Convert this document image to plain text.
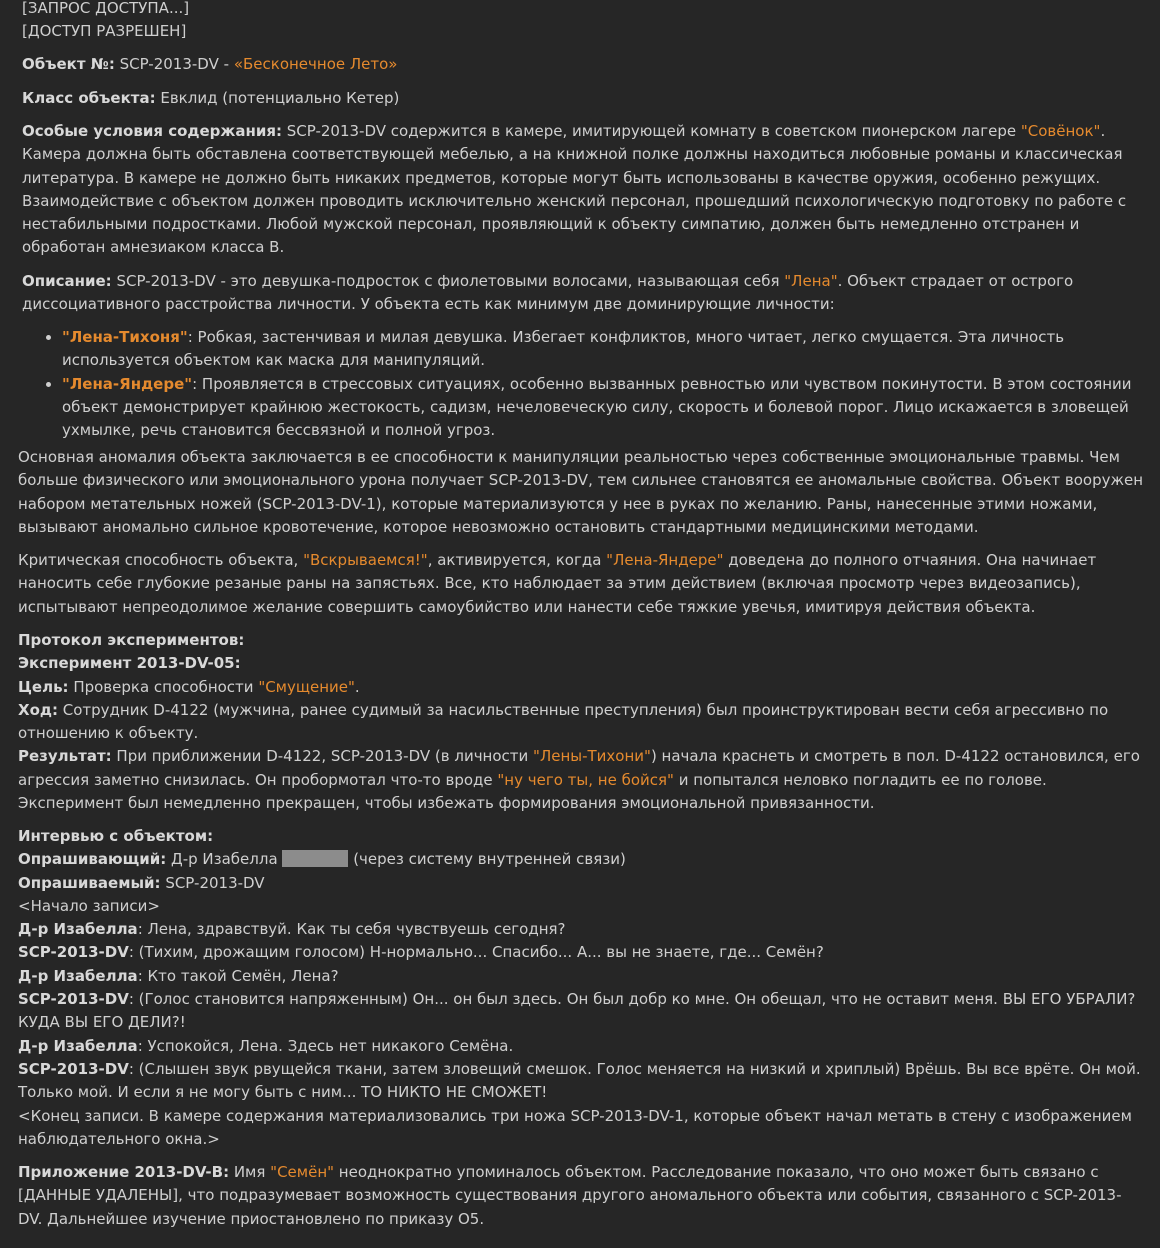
[ЗАПРОС ДОСТУПА...]
[ДОСТУП РАЗРЕШЕН]

Объект №: SCP-2013-DV - «Бесконечное Лето»

Класс объекта: Евклид (потенциально Кетер)

Особые условия содержания: SCP-2013-DV содержится в камере, имитирующей комнату в советском пионерском лагере "Совёнок". Камера должна быть обставлена соответствующей мебелью, а на книжной полке должны находиться любовные романы и классическая литература. В камере не должно быть никаких предметов, которые могут быть использованы в качестве оружия, особенно режущих. Взаимодействие с объектом должен проводить исключительно женский персонал, прошедший психологическую подготовку по работе с нестабильными подростками. Любой мужской персонал, проявляющий к объекту симпатию, должен быть немедленно отстранен и обработан амнезиаком класса B.

Описание: SCP-2013-DV - это девушка-подросток с фиолетовыми волосами, называющая себя "Лена". Объект страдает от острого диссоциативного расстройства личности. У объекта есть как минимум две доминирующие личности:

• "Лена-Тихоня": Робкая, застенчивая и милая девушка. Избегает конфликтов, много читает, легко смущается. Эта личность используется объектом как маска для манипуляций.
• "Лена-Яндере": Проявляется в стрессовых ситуациях, особенно вызванных ревностью или чувством покинутости. В этом состоянии объект демонстрирует крайнюю жестокость, садизм, нечеловеческую силу, скорость и болевой порог. Лицо искажается в зловещей ухмылке, речь становится бессвязной и полной угроз.

Основная аномалия объекта заключается в ее способности к манипуляции реальностью через собственные эмоциональные травмы. Чем больше физического или эмоционального урона получает SCP-2013-DV, тем сильнее становятся ее аномальные свойства. Объект вооружен набором метательных ножей (SCP-2013-DV-1), которые материализуются у нее в руках по желанию. Раны, нанесенные этими ножами, вызывают аномально сильное кровотечение, которое невозможно остановить стандартными медицинскими методами.

Критическая способность объекта, "Вскрываемся!", активируется, когда "Лена-Яндере" доведена до полного отчаяния. Она начинает наносить себе глубокие резаные раны на запястьях. Все, кто наблюдает за этим действием (включая просмотр через видеозапись), испытывают непреодолимое желание совершить самоубийство или нанести себе тяжкие увечья, имитируя действия объекта.

Протокол экспериментов:
Эксперимент 2013-DV-05:
Цель: Проверка способности "Смущение".
Ход: Сотрудник D-4122 (мужчина, ранее судимый за насильственные преступления) был проинструктирован вести себя агрессивно по отношению к объекту.
Результат: При приближении D-4122, SCP-2013-DV (в личности "Лены-Тихони") начала краснеть и смотреть в пол. D-4122 остановился, его агрессия заметно снизилась. Он пробормотал что-то вроде "ну чего ты, не бойся" и попытался неловко погладить ее по голове. Эксперимент был немедленно прекращен, чтобы избежать формирования эмоциональной привязанности.
Интервью с объектом:
Опрашивающий: Д-р Изабелла	(через систему внутренней связи)
Опрашиваемый: SCP-2013-DV
<Начало записи>
Д-р Изабелла: Лена, здравствуй. Как ты себя чувствуешь сегодня?
SCP-2013-DV: (Тихим, дрожащим голосом) Н-нормально... Спасибо... А... вы не знаете, где... Семён?
Д-р Изабелла: Кто такой Семён, Лена?
SCP-2013-DV: (Голос становится напряженным) Он... он был здесь. Он был добр ко мне. Он обещал, что не оставит меня. ВЫ ЕГО УБРАЛИ? КУДА ВЫ ЕГО ДЕЛИ?!
Д-р Изабелла: Успокойся, Лена. Здесь нет никакого Семёна.
SCP-2013-DV: (Слышен звук рвущейся ткани, затем зловещий смешок. Голос меняется на низкий и хриплый) Врёшь. Вы все врёте. Он мой. Только мой. И если я не могу быть с ним... ТО НИКТО НЕ СМОЖЕТ!
<Конец записи. В камере содержания материализовались три ножа SCP-2013-DV-1, которые объект начал метать в стену с изображением наблюдательного окна.>

Приложение 2013-DV-B: Имя "Семён" неоднократно упоминалось объектом. Расследование показало, что оно может быть связано с [ДАННЫЕ УДАЛЕНЫ], что подразумевает возможность существования другого аномального объекта или события, связанного с SCP-2013-DV. Дальнейшее изучение приостановлено по приказу O5.
